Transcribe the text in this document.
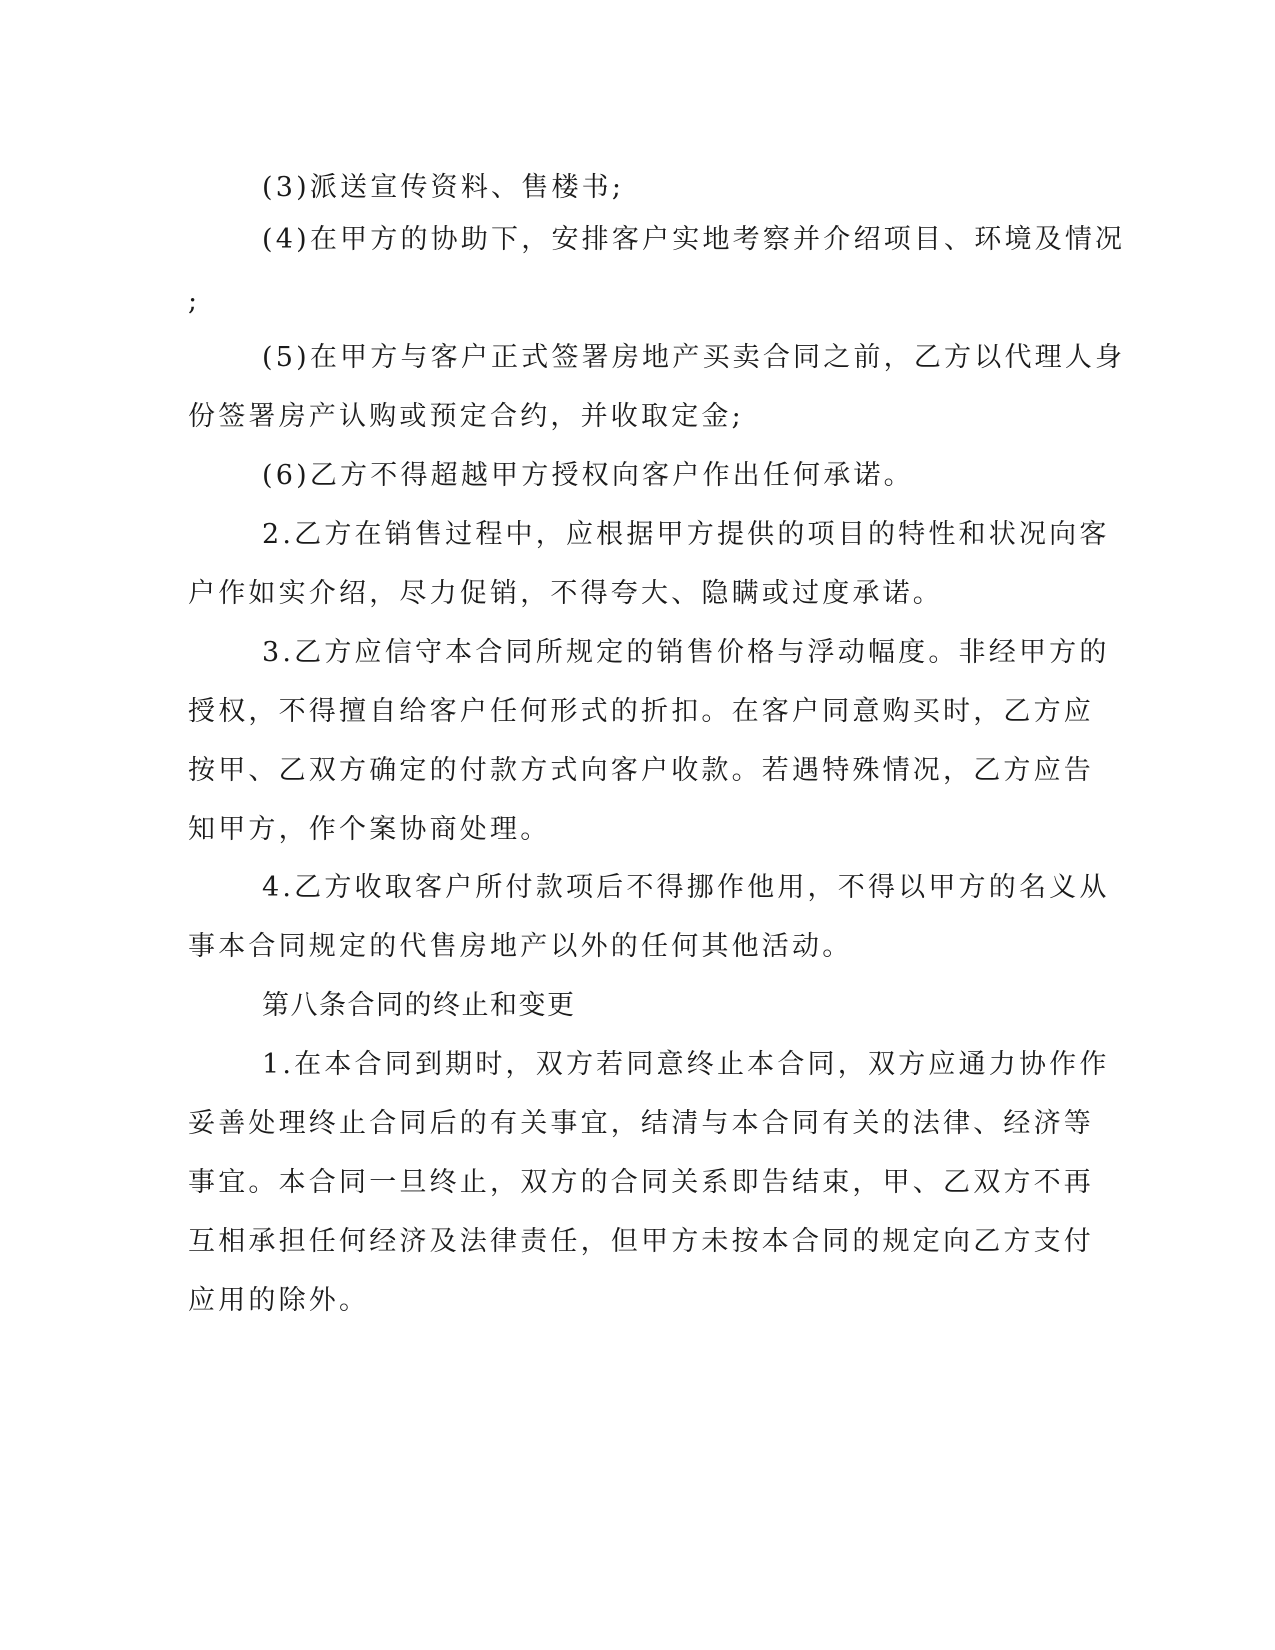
(3)派送宣传资料、售楼书;
(4)在甲方的协助下，安排客户实地考察并介绍项目、环境及情况
;
(5)在甲方与客户正式签署房地产买卖合同之前，乙方以代理人身
份签署房产认购或预定合约，并收取定金;
(6)乙方不得超越甲方授权向客户作出任何承诺。
2.乙方在销售过程中，应根据甲方提供的项目的特性和状况向客
户作如实介绍，尽力促销，不得夸大、隐瞒或过度承诺。
3.乙方应信守本合同所规定的销售价格与浮动幅度。非经甲方的
授权，不得擅自给客户任何形式的折扣。在客户同意购买时，乙方应
按甲、乙双方确定的付款方式向客户收款。若遇特殊情况，乙方应告
知甲方，作个案协商处理。
4.乙方收取客户所付款项后不得挪作他用，不得以甲方的名义从
事本合同规定的代售房地产以外的任何其他活动。
第八条合同的终止和变更
1.在本合同到期时，双方若同意终止本合同，双方应通力协作作
妥善处理终止合同后的有关事宜，结清与本合同有关的法律、经济等
事宜。本合同一旦终止，双方的合同关系即告结束，甲、乙双方不再
互相承担任何经济及法律责任，但甲方未按本合同的规定向乙方支付
应用的除外。
